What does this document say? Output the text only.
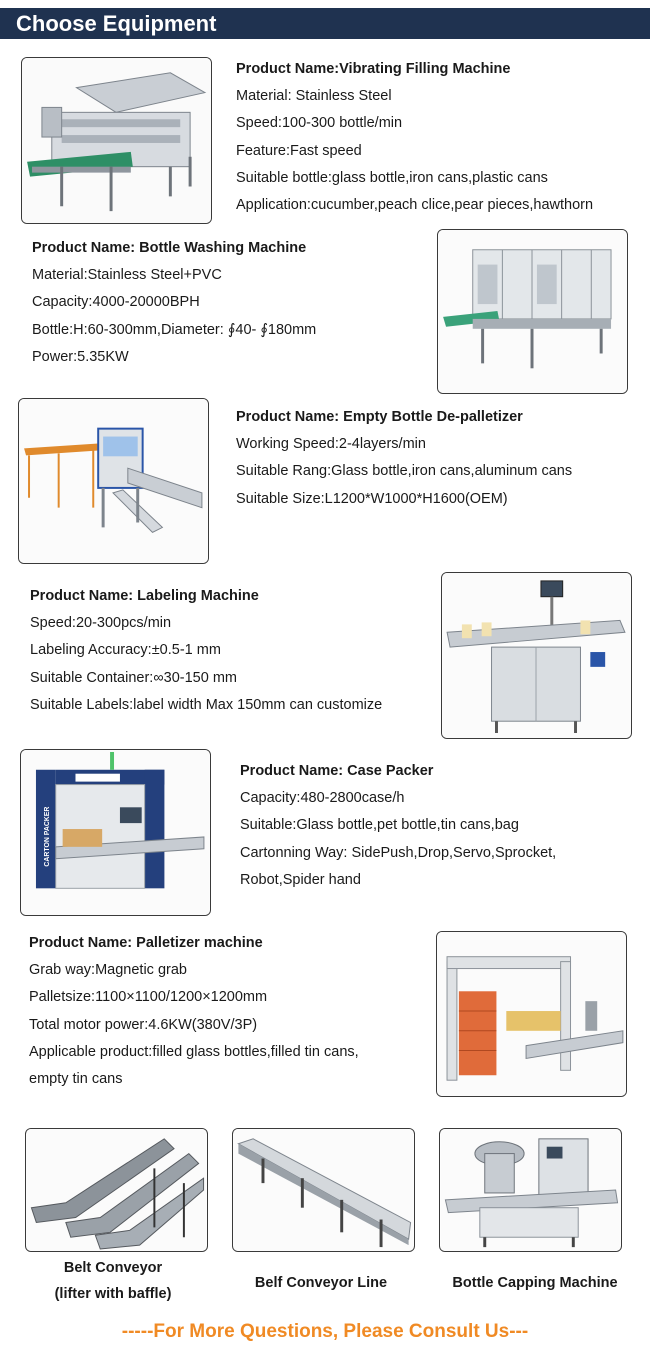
Choose Equipment
Product Name:Vibrating Filling Machine
Material: Stainless Steel
Speed:100-300 bottle/min
Feature:Fast speed
Suitable bottle:glass bottle,iron cans,plastic cans
Application:cucumber,peach clice,pear pieces,hawthorn
Product Name: Bottle Washing Machine
Material:Stainless Steel+PVC
Capacity:4000-20000BPH
Bottle:H:60-300mm,Diameter: ∮40- ∮180mm
Power:5.35KW
Product Name: Empty Bottle De-palletizer
Working Speed:2-4layers/min
Suitable Rang:Glass bottle,iron cans,aluminum cans
Suitable Size:L1200*W1000*H1600(OEM)
Product Name: Labeling Machine
Speed:20-300pcs/min
Labeling Accuracy:±0.5-1 mm
Suitable Container:∞30-150 mm
Suitable Labels:label width Max 150mm can customize
CARTON PACKER
Product Name: Case Packer
Capacity:480-2800case/h
Suitable:Glass bottle,pet bottle,tin cans,bag
Cartonning Way: SidePush,Drop,Servo,Sprocket,
Robot,Spider hand
Product Name: Palletizer machine
Grab way:Magnetic grab
Palletsize:1100×1100/1200×1200mm
Total motor power:4.6KW(380V/3P)
Applicable product:filled glass bottles,filled tin cans,
empty tin cans
Belt Conveyor
(lifter with baffle)
Belf Conveyor Line	Bottle Capping Machine
-----For More Questions, Please Consult Us---
